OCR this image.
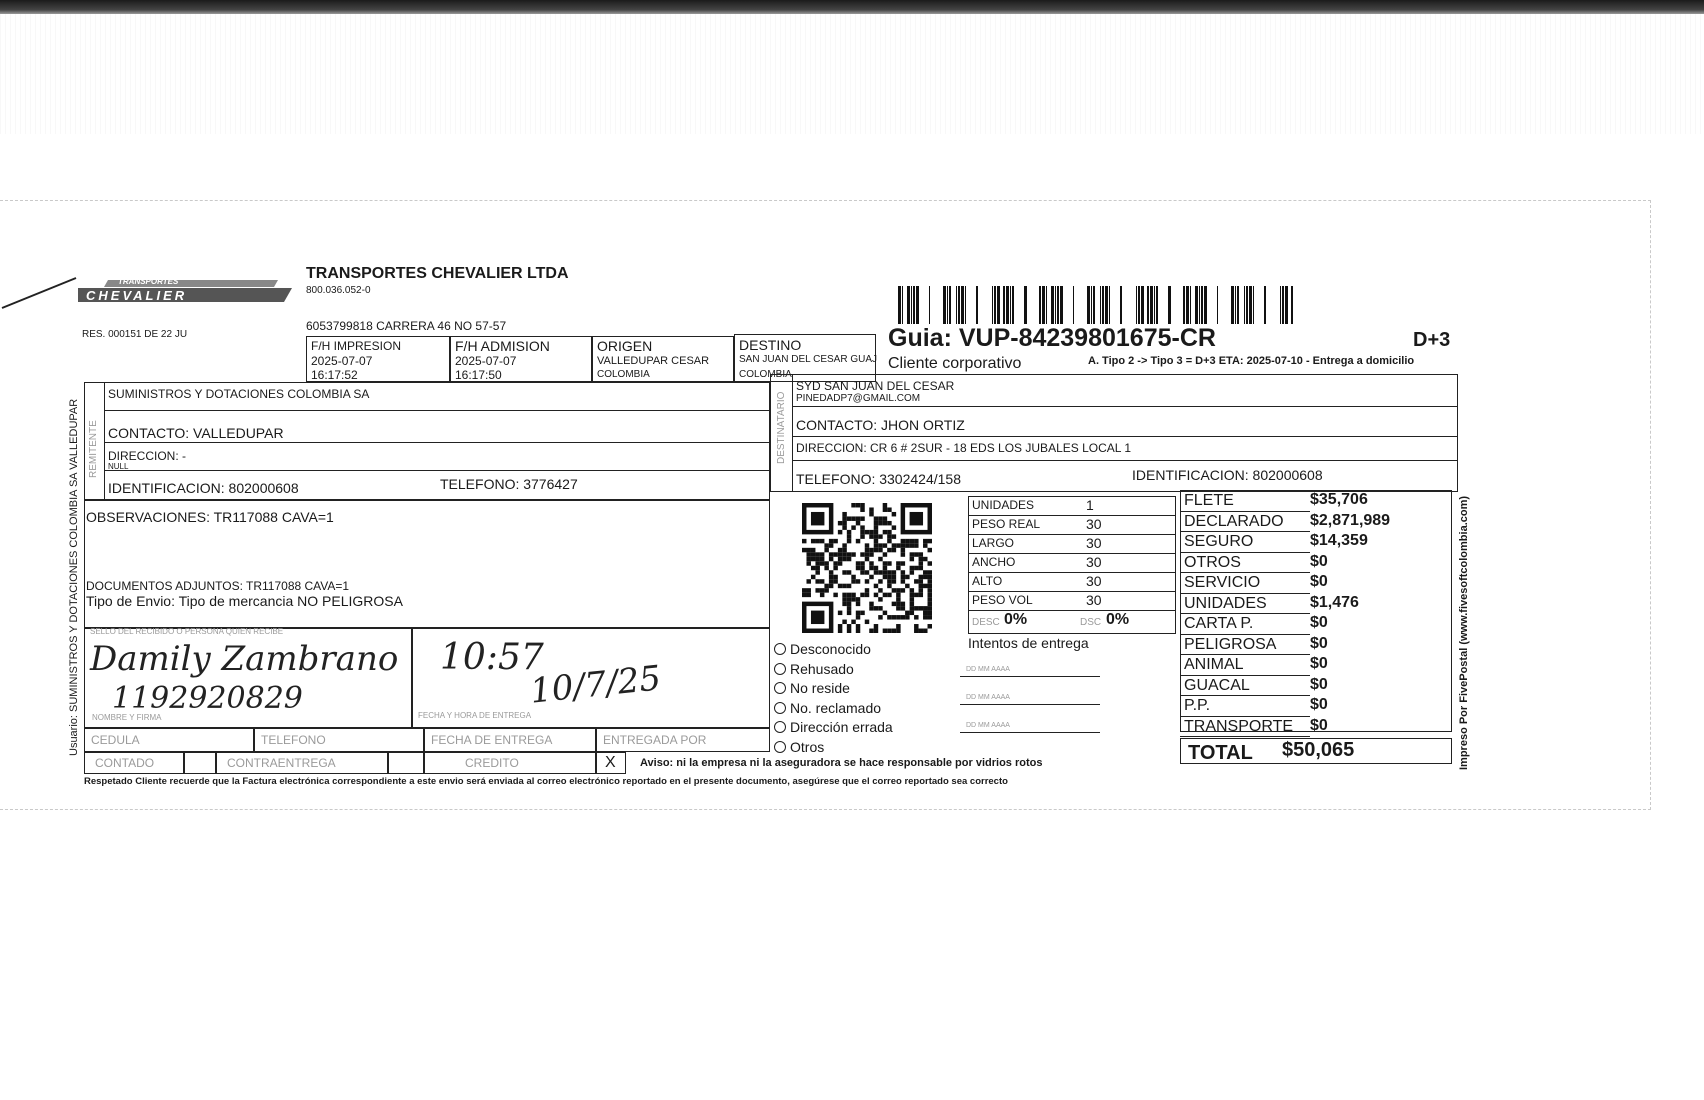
TRANSPORTES
CHEVALIER
TRANSPORTES CHEVALIER LTDA
800.036.052-0
RES. 000151 DE 22 JU
6053799818 CARRERA 46 NO 57-57	Guia: VUP-84239801675-CR	D+3
Cliente corporativo	A. Tipo 2 -> Tipo 3 = D+3 ETA: 2025-07-10 - Entrega a domicilio
F/H IMPRESION
2025-07-07
16:17:52
F/H ADMISION
2025-07-07
16:17:50
ORIGEN
VALLEDUPAR CESAR
COLOMBIA
DESTINO
SAN JUAN DEL CESAR GUAJ
COLOMBIA
REMITENTE
SUMINISTROS Y DOTACIONES COLOMBIA SA
CONTACTO: VALLEDUPAR
DIRECCION: -
NULL
IDENTIFICACION: 802000608	TELEFONO: 3776427
DESTINATARIO
SYD SAN JUAN DEL CESAR
PINEDADP7@GMAIL.COM
CONTACTO: JHON ORTIZ
DIRECCION: CR 6 # 2SUR - 18 EDS LOS JUBALES LOCAL 1
TELEFONO: 3302424/158	IDENTIFICACION: 802000608
OBSERVACIONES: TR117088 CAVA=1
DOCUMENTOS ADJUNTOS: TR117088 CAVA=1
Tipo de Envio: Tipo de mercancia NO PELIGROSA
UNIDADES	1
PESO REAL	30
LARGO	30
ANCHO	30
ALTO	30
PESO VOL	30
DESC 0%	DSC 0%
FLETE	$35,706
DECLARADO $2,871,989
SEGURO	$14,359
OTROS	$0
SERVICIO	$0
UNIDADES	$1,476
CARTA P.	$0
PELIGROSA $0
ANIMAL	$0
GUACAL	$0
P.P.	$0
TRANSPORTE $0
TOTAL $50,065
Desconocido
Rehusado
No reside
No. reclamado
Dirección errada
Otros
Intentos de entrega
DD MM AAAA
DD MM AAAA
DD MM AAAA
SELLO DEL RECIBIDO O PERSONA QUIEN RECIBE
Damily Zambrano
1192920829
NOMBRE Y FIRMA
10:57
10/7/25
FECHA Y HORA DE ENTREGA
CEDULA	TELEFONO	FECHA DE ENTREGA	ENTREGADA POR
CONTADO	CONTRAENTREGA	CREDITO	X Aviso: ni la empresa ni la aseguradora se hace responsable por vidrios rotos
Respetado Cliente recuerde que la Factura electrónica correspondiente a este envio será enviada al correo electrónico reportado en el presente documento, asegúrese que el correo reportado sea correcto
Usuario: SUMINISTROS Y DOTACIONES COLOMBIA SA VALLEDUPAR	Impreso Por FivePostal (www.fivesoftcolombia.com)
